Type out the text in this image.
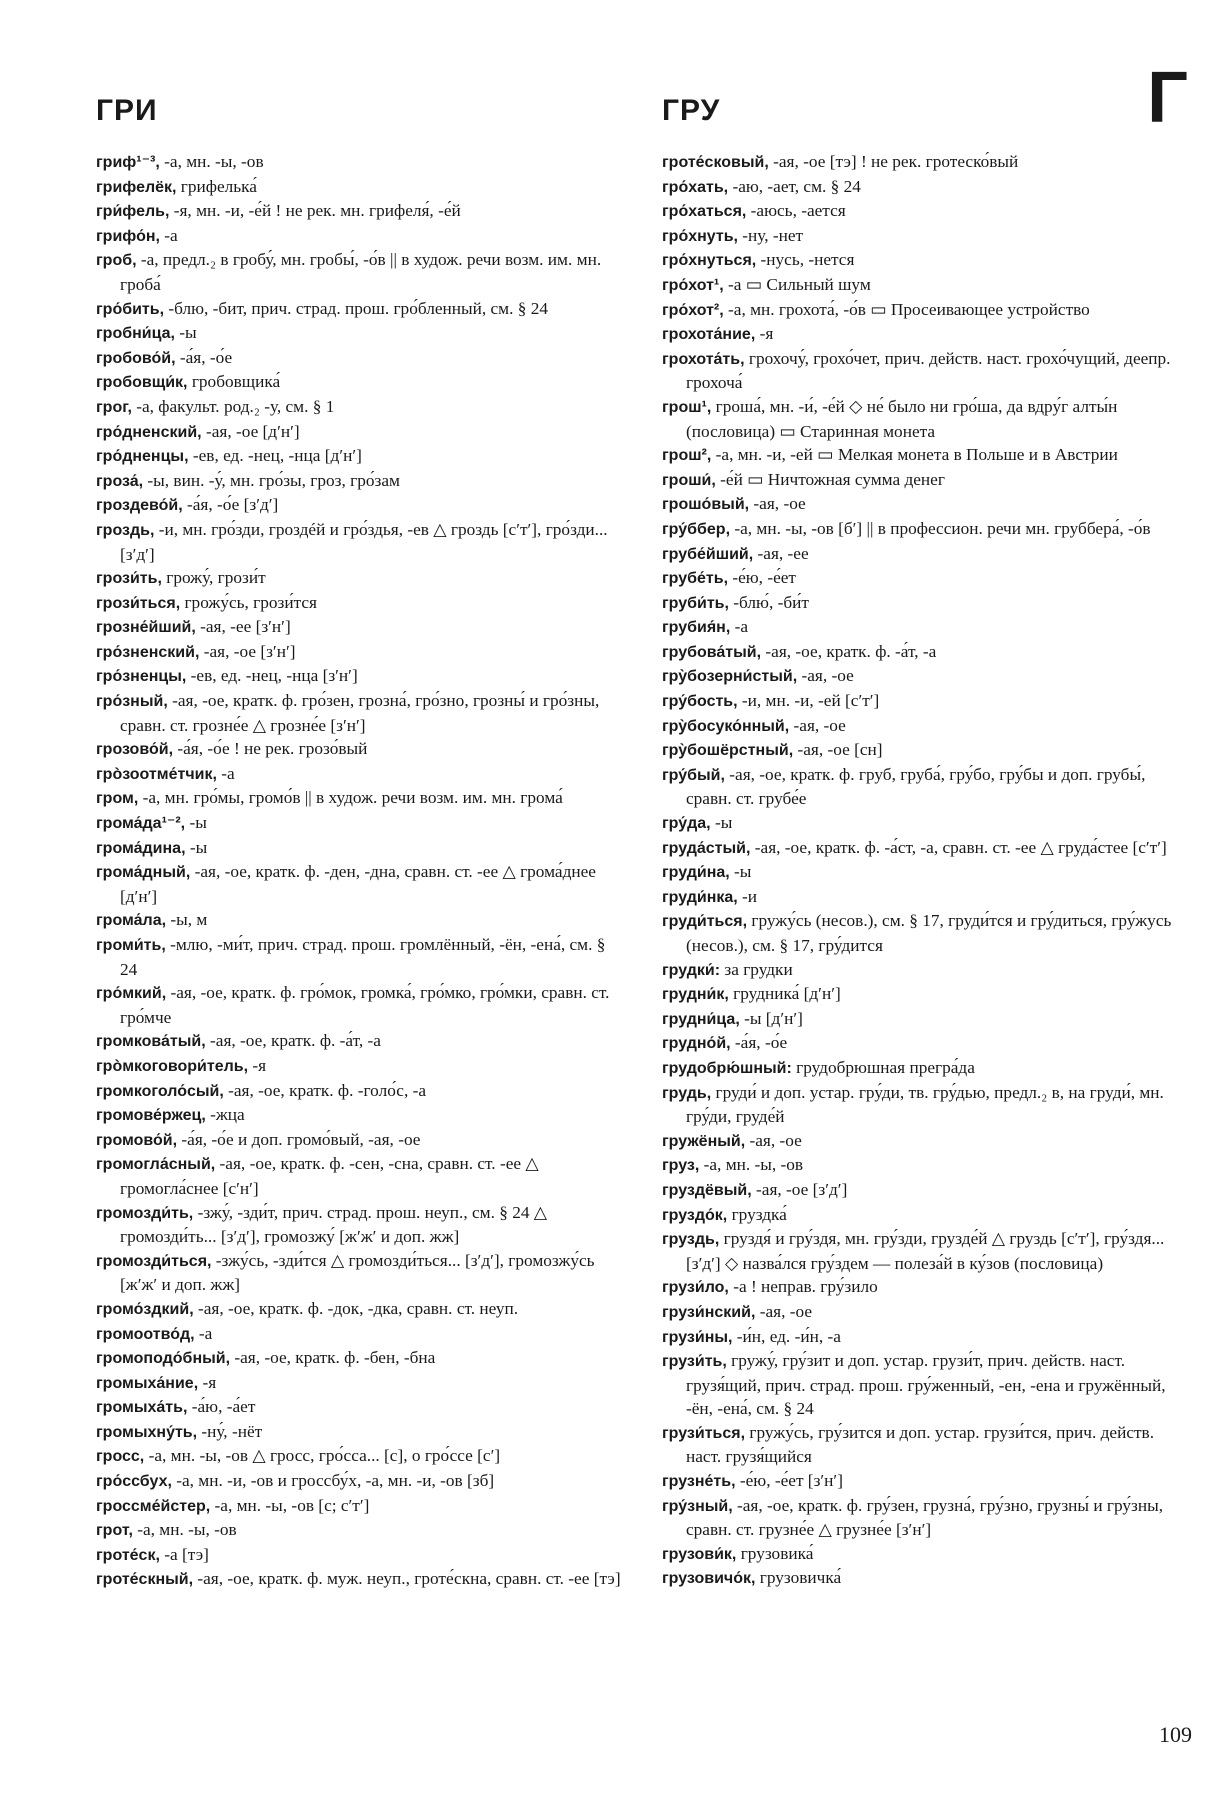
ГРИ	ГРУ	Г

гриф¹⁻³, -а, мн. -ы, -ов

грифелёк, грифелька́

гри́фель, -я, мн. -и, -е́й ! не рек. мн. грифеля́, -е́й

грифо́н, -а

гроб, -а, предл.₂ в гробу́, мн. гробы́, -о́в || в худож. речи возм. им. мн. гроба́

гро́бить, -блю, -бит, прич. страд. прош. гро́бленный, см. § 24

гробни́ца, -ы

гробово́й, -а́я, -о́е

гробовщи́к, гробовщика́

грог, -а, факульт. род.₂ -у, см. § 1

гро́дненский, -ая, -ое [дʹнʹ]

гро́дненцы, -ев, ед. -нец, -нца [дʹнʹ]

гроза́, -ы, вин. -у́, мн. гро́зы, гроз, гро́зам

гроздево́й, -а́я, -о́е [зʹдʹ]

гроздь, -и, мн. гро́зди, гроздéй и гро́здья, -ев △ гроздь [сʹтʹ], гро́зди... [зʹдʹ]

грози́ть, грожу́, грози́т

грози́ться, грожу́сь, грози́тся

грозне́йший, -ая, -ее [зʹнʹ]

гро́зненский, -ая, -ое [зʹнʹ]

гро́зненцы, -ев, ед. -нец, -нца [зʹнʹ]

гро́зный, -ая, -ое, кратк. ф. гро́зен, грозна́, гро́зно, грозны́ и гро́зны, сравн. ст. грозне́е △ грозне́е [зʹнʹ]

грозово́й, -а́я, -о́е ! не рек. грозо́вый

грòзоотме́тчик, -а

гром, -а, мн. гро́мы, громо́в || в худож. речи возм. им. мн. грома́

грома́да¹⁻², -ы

грома́дина, -ы

грома́дный, -ая, -ое, кратк. ф. -ден, -дна, сравн. ст. -ее △ грома́днее [дʹнʹ]

грома́ла, -ы, м

громи́ть, -млю, -ми́т, прич. страд. прош. громлённый, -ён, -ена́, см. § 24

гро́мкий, -ая, -ое, кратк. ф. гро́мок, громка́, гро́мко, гро́мки, сравн. ст. гро́мче

громкова́тый, -ая, -ое, кратк. ф. -а́т, -а

грòмкоговори́тель, -я

громкоголо́сый, -ая, -ое, кратк. ф. -голо́с, -а

громове́ржец, -жца

громово́й, -а́я, -о́е и доп. громо́вый, -ая, -ое

громогла́сный, -ая, -ое, кратк. ф. -сен, -сна, сравн. ст. -ее △ громогла́снее [сʹнʹ]

громозди́ть, -зжу́, -зди́т, прич. страд. прош. неуп., см. § 24 △ громозди́ть... [зʹдʹ], громозжу́ [жʹжʹ и доп. жж]

громозди́ться, -зжу́сь, -зди́тся △ громозди́ться... [зʹдʹ], громозжу́сь [жʹжʹ и доп. жж]

громо́здкий, -ая, -ое, кратк. ф. -док, -дка, сравн. ст. неуп.

громоотво́д, -а

громоподо́бный, -ая, -ое, кратк. ф. -бен, -бна

громыха́ние, -я

громыха́ть, -а́ю, -а́ет

громыхну́ть, -ну́, -нёт

гросс, -а, мн. -ы, -ов △ гросс, гро́сса... [с], о гро́ссе [сʹ]

гро́ссбух, -а, мн. -и, -ов и гроссбу́х, -а, мн. -и, -ов [зб]

гроссме́йстер, -а, мн. -ы, -ов [с; сʹтʹ]

грот, -а, мн. -ы, -ов

гроте́ск, -а [тэ]

гроте́скный, -ая, -ое, кратк. ф. муж. неуп., гроте́скна, сравн. ст. -ее [тэ]

гроте́сковый, -ая, -ое [тэ] ! не рек. гротеско́вый

гро́хать, -аю, -ает, см. § 24

гро́хаться, -аюсь, -ается

гро́хнуть, -ну, -нет

гро́хнуться, -нусь, -нется

гро́хот¹, -а ▭ Сильный шум

гро́хот², -а, мн. грохота́, -о́в ▭ Просеивающее устройство

грохота́ние, -я

грохота́ть, грохочу́, грохо́чет, прич. действ. наст. грохо́чущий, деепр. грохоча́

грош¹, гроша́, мн. -и́, -е́й ◇ не́ было ни гро́ша, да вдру́г алты́н (пословица) ▭ Старинная монета

грош², -а, мн. -и, -ей ▭ Мелкая монета в Польше и в Австрии

гроши́, -е́й ▭ Ничтожная сумма денег

грошо́вый, -ая, -ое

гру́ббер, -а, мн. -ы, -ов [бʹ] || в профессион. речи мн. груббера́, -о́в

грубе́йший, -ая, -ее

грубе́ть, -е́ю, -е́ет

груби́ть, -блю́, -би́т

грубия́н, -а

грубова́тый, -ая, -ое, кратк. ф. -а́т, -а

гру̀бозерни́стый, -ая, -ое

гру́бость, -и, мн. -и, -ей [сʹтʹ]

гру̀босуко́нный, -ая, -ое

гру̀бошёрстный, -ая, -ое [сн]

гру́бый, -ая, -ое, кратк. ф. груб, груба́, гру́бо, гру́бы и доп. грубы́, сравн. ст. грубе́е

гру́да, -ы

груда́стый, -ая, -ое, кратк. ф. -а́ст, -а, сравн. ст. -ее △ груда́стее [сʹтʹ]

груди́на, -ы

груди́нка, -и

груди́ться, гружу́сь (несов.), см. § 17, груди́тся и гру́диться, гру́жусь (несов.), см. § 17, гру́дится

грудки́: за грудки

грудни́к, грудника́ [дʹнʹ]

грудни́ца, -ы [дʹнʹ]

грудно́й, -а́я, -о́е

грудобрю́шный: грудобрюшная прегра́да

грудь, груди́ и доп. устар. гру́ди, тв. гру́дью, предл.₂ в, на груди́, мн. гру́ди, груде́й

гружёный, -ая, -ое

груз, -а, мн. -ы, -ов

груздёвый, -ая, -ое [зʹдʹ]

груздо́к, груздка́

груздь, груздя́ и гру́здя, мн. гру́зди, грузде́й △ груздь [сʹтʹ], гру́здя... [зʹдʹ] ◇ назва́лся гру́здем — полеза́й в ку́зов (пословица)

грузи́ло, -а ! неправ. гру́зило

грузи́нский, -ая, -ое

грузи́ны, -и́н, ед. -и́н, -а

грузи́ть, гружу́, гру́зит и доп. устар. грузи́т, прич. действ. наст. грузя́щий, прич. страд. прош. гру́женный, -ен, -ена и гружённый, -ён, -ена́, см. § 24

грузи́ться, гружу́сь, гру́зится и доп. устар. грузи́тся, прич. действ. наст. грузя́щийся

грузне́ть, -е́ю, -е́ет [зʹнʹ]

гру́зный, -ая, -ое, кратк. ф. гру́зен, грузна́, гру́зно, грузны́ и гру́зны, сравн. ст. грузне́е △ грузне́е [зʹнʹ]

грузови́к, грузовика́

грузовичо́к, грузовичка́

109
